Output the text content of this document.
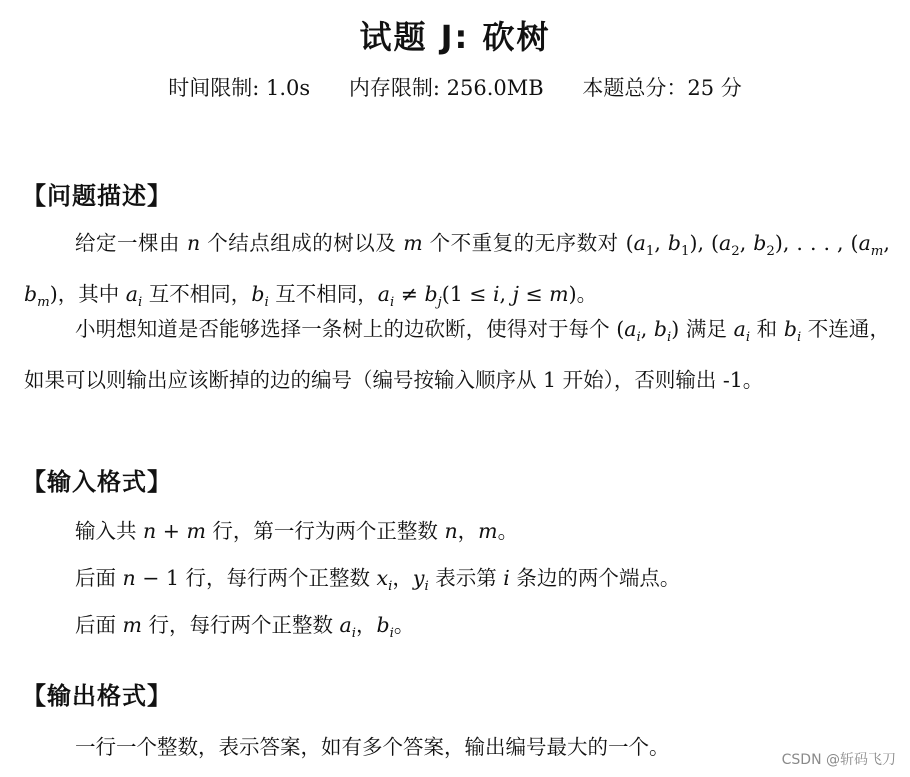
试题 J: 砍树
时间限制: 1.0s 内存限制: 256.0MB 本题总分：25 分
【问题描述】
给定一棵由 n 个结点组成的树以及 m 个不重复的无序数对 ($a_1$, $b_1$), ($a_2$, $b_2$), . . . , ($a_m$, $b_m$)，其中 $a_i$ 互不相同，$b_i$ 互不相同，$a_i \ne b_j(1 \le i$, j ≤ m)。
小明想知道是否能够选择一条树上的边砍断，使得对于每个 ($a_i$, $b_i$) 满足 $a_i$ 和 $b_i$ 不连通，如果可以则输出应该断掉的边的编号（编号按输入顺序从 1 开始），否则输出 -1。
【输入格式】
输入共 n + m 行，第一行为两个正整数 n，m。
后面 n − 1 行，每行两个正整数 $x_i$，$y_i$ 表示第 i 条边的两个端点。
后面 m 行，每行两个正整数 $a_i$，$b_i$。
【输出格式】
一行一个整数，表示答案，如有多个答案，输出编号最大的一个。
CSDN @斩码飞刀
